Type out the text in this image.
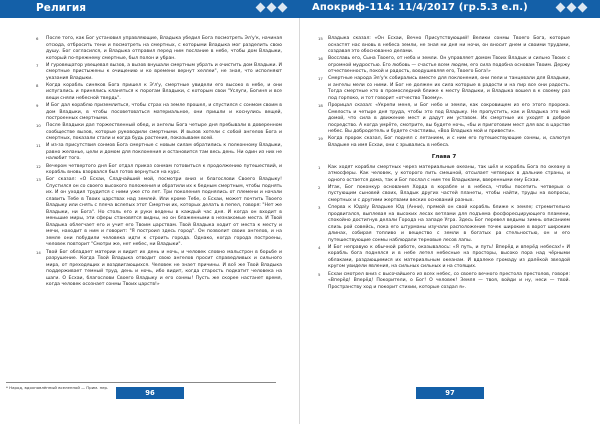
Религия
6 После того, как Бог установил управляющие, Владыка убедил Бога посмотреть Эл'у'к, начиная отсюда, отбросить тени и посмотреть на смертных, с которыми Владыка мог разделить свою душу. Бог согласился, и Владыка отправил перед ним послание в небе, чтобы дом Владыки, который по-прежнему смертные, был полон и убран.
7 И гуровещатор увещевал вызов, а вызов внушали смертным убрать и очистить дом Владыки. И смертные пристыжены к очищению и ко времени вернут хеллеи", не зная, что исполняют указания Владыки.
8 Когда корабль синяков Бога пришел к Э'л'у, смертные увидели его высоко в небе, и они испугались и принялись кланяться к порогам Владыки, с которым свои "Услуги, Богиня и все вещи сняли небесной твердь".
9 И Бог дал кораблю приземлиться, чтобы страх на земле прошел, и спустился с сонмом своим в дом Владыки, в чтобы посоветоваться материальное, они пришли и коснулись вещей, построенных смертными.
10 После Владыки дал торжественный обед, и ангелы Бога четыре дня пребывали в доверенном сообществе вызов, которые руководили смертными. И вызов хотели с собой ангелов Бога и смертных, показали стали и когда будь растения, показываем всей.
11 И из-за присутствия сонмов Бога смертные с новым силам обратились к полконному Владыки, равно желанье, цели и домом для поклонения и остановится там весь день. Ни один из них не налюбит того.
12 Вечером четвертого дня Бог отдал приказ сонмам готовиться к продолжению путешествий, и корабль вновь взорвался был готов вернуться на курс.
13 Бог сказал: «О Есхаи, Сладчайший мой, посмотри вниз и благослови Своего Владыку! Спустился он со своего высокого положения и обратили их к бедным смертным, чтобы поднять их. И он уходил трудится с ними уже сто лет. Три поколения поднялись от племени и начали славить Тебе в Твоих царствах над землей. Или кроме Тебе, о Есхаи, может почтить Твоего Владыку или снять с плеча вслепых этот Смертни их, которых делать в пепел, говоря: "Нет же Владыки, ни Бога". Но столь его и руки ведены в каждый час дня. И когда он входит в меньшие миры, эти сферы становятся видны, но он блаженными в незнакомые места. И Твой Владыка облегчает его и учит его Твоим царствам. Твой Владыка ходит от места к месту и мечи, находит в ним и говорит: "Я построил здесь город". Он позволит своих ангелов, и на земле они побудили человека идти к строить города. Однако, когда города построены, человек повторит "Смотри же, нет небес, ни Владыки".
14 Твой Бог обладает материи и видит их день и ночь, и человек словно мальстрон в борьбе и разрушение. Когда Твой Владыка отводит свою ангелов просит справедливых и сильного мира, от преходящих и воздвигающихся. Человек не знает причины. И всё же Твой Владыка поддерживает темный труд, день и ночь, ибо видит, когда старость подкатит человека на шаги. О Есхаи, благослови Своего Владыку и его сонмы! Пусть же скорее настанет время, когда человек осознает сонмы Твоих царств!»
* Народ, вдохновлённый вселенной — Прим. пер.
96
Апокриф-114: 11/4/2017 (гр.5.3 е.п.)
15 Владыка сказал: «Он Есхаи, Вечно Присутствующий! Велики сонмы Твоего Бога, которые оснастят нас вновь в небеса земли, не зная ни дня ни ночи, он вносит днем и своими трудами, создавая это обоснованно делами.
16 Восславь его, Сына Твоего, от неба и земли. Он управляет домом Твоих Владык и сильно Твоих с огромной мудростью. Его любовь — счастье всем людям, его сила подобна основам Твоим. Держу отчественность, покой и радость, воодушевляя его, Твоего Бога!»
17 Смертные народа Эл'у'к собирались вместе для поклонения, они пели и танцевали для Владыки, и ангелы мели со ними. И Бог не должен их сила которые в радости и на пир все они радость. Тогда смертные кто в промоследний ближе к месту Владыки, и Владыка вошел в к своему раз под горпоко, и тот говорит «отчество Твоему».
18 Прорицал сказал: «Укрепи меня, и Бог небо и земли, как сокровищем из его этого пророка. Смелость и четыре дня труда, чтобы это под Владыку. Не пропустить, как и Владыка это мой домой, что сила в движение мест и дадут им уставом. Их смертные их уходят в доброе посредство. А когда умрёте, смотрите, вы будете ночь, «бы и приготовим мест для вас в царстве небес. Вы добродетель и будете счастливы, «Воа Владыка мой и привести».
19 Когда пророк сказал, Бог поднял с летанием, и с ним его путешествующие сонмы, и, салютуя Владыкe на имя Есхаи, они с зрывались в небеса.
Глава 7
1 Как ходят корабли смертных через материальные океаны, так шёл и корабль Бога по океану в атмосферы. Как человек, у которого пить смешной, отсылает четверых в дальние страны, и одного остается дома, так и Бог послал с ним тех Владыками, вверенными ему Есхаи.
2 Итак, Бог поконкур основания Хорда в корабле и в небеса, чтобы посетить четверых о пустующим сыновей своих, Владык других частей планеты, чтобы найти, труды на вопросы, смертных и с другими жертвами веских оснований разных.
3 Сперва к Юда\у Владыке Юд (Анни), прямой он свой корабль ближе к земле; стремительно продвигался, выплевая на высоких лесах ветлами для подъема фосфоресцирующего пламени, спокойно достигнув делали Города на западе Угра. Здесь Бог перевел ведьмы зимнь описанием слизь рой совейсь, пока его штурманы изучали расположение точек широкие в ворот широким длинах, собирая топливо и вещество с земли в богатых ра стельностью, он и его путешествующие сонмы наблюдали терновые лесов лапы.
4 И Бог неправую к обычной работе, оказывалось: «Я путь, и путь! Вперёд и вперёд небесах!» И корабль бога поднялся и в небе летел небесные на просторы, высоко пора над чёрными облаками, раздающимися их материальным океанам. И вдалеке громаду из далёкой звездой кругом увидели явления, на сильных сильных и на стоящих.
5 Есхаи смотрел вниз с высочайшего из всех небес, со своего вечного престола престолов, говоря: «Вперёд! Вперёд! Покорители, о Бог! О человек! Земля — твоя, войди и ну, неси — твой. Пространству ход и покорит стихии, которые создал я».
97
